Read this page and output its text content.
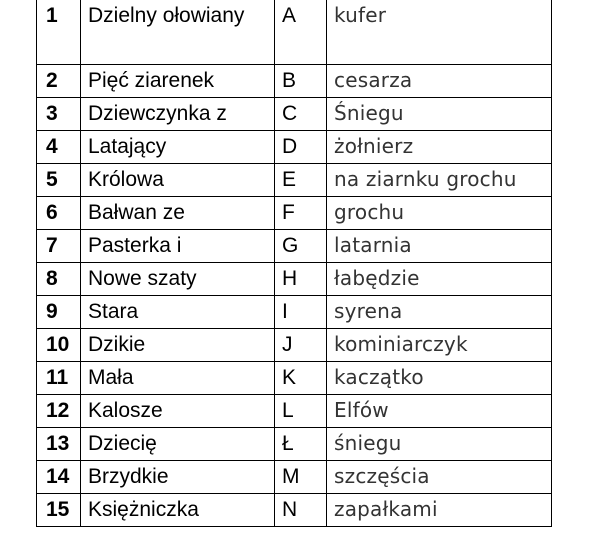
1	Dzielny ołowiany	A	kufer
2	Pięć ziarenek	B	cesarza
3	Dziewczynka z	C	Śniegu
4	Latający	D	żołnierz
5	Królowa	E	na ziarnku grochu
6	Bałwan ze	F	grochu
7	Pasterka i	G	latarnia
8	Nowe szaty	H	łabędzie
9	Stara	I	syrena
10	Dzikie	J	kominiarczyk
11	Mała	K	kaczątko
12	Kalosze	L	Elfów
13	Dziecię	Ł	śniegu
14	Brzydkie	M	szczęścia
15	Księżniczka	N	zapałkami
